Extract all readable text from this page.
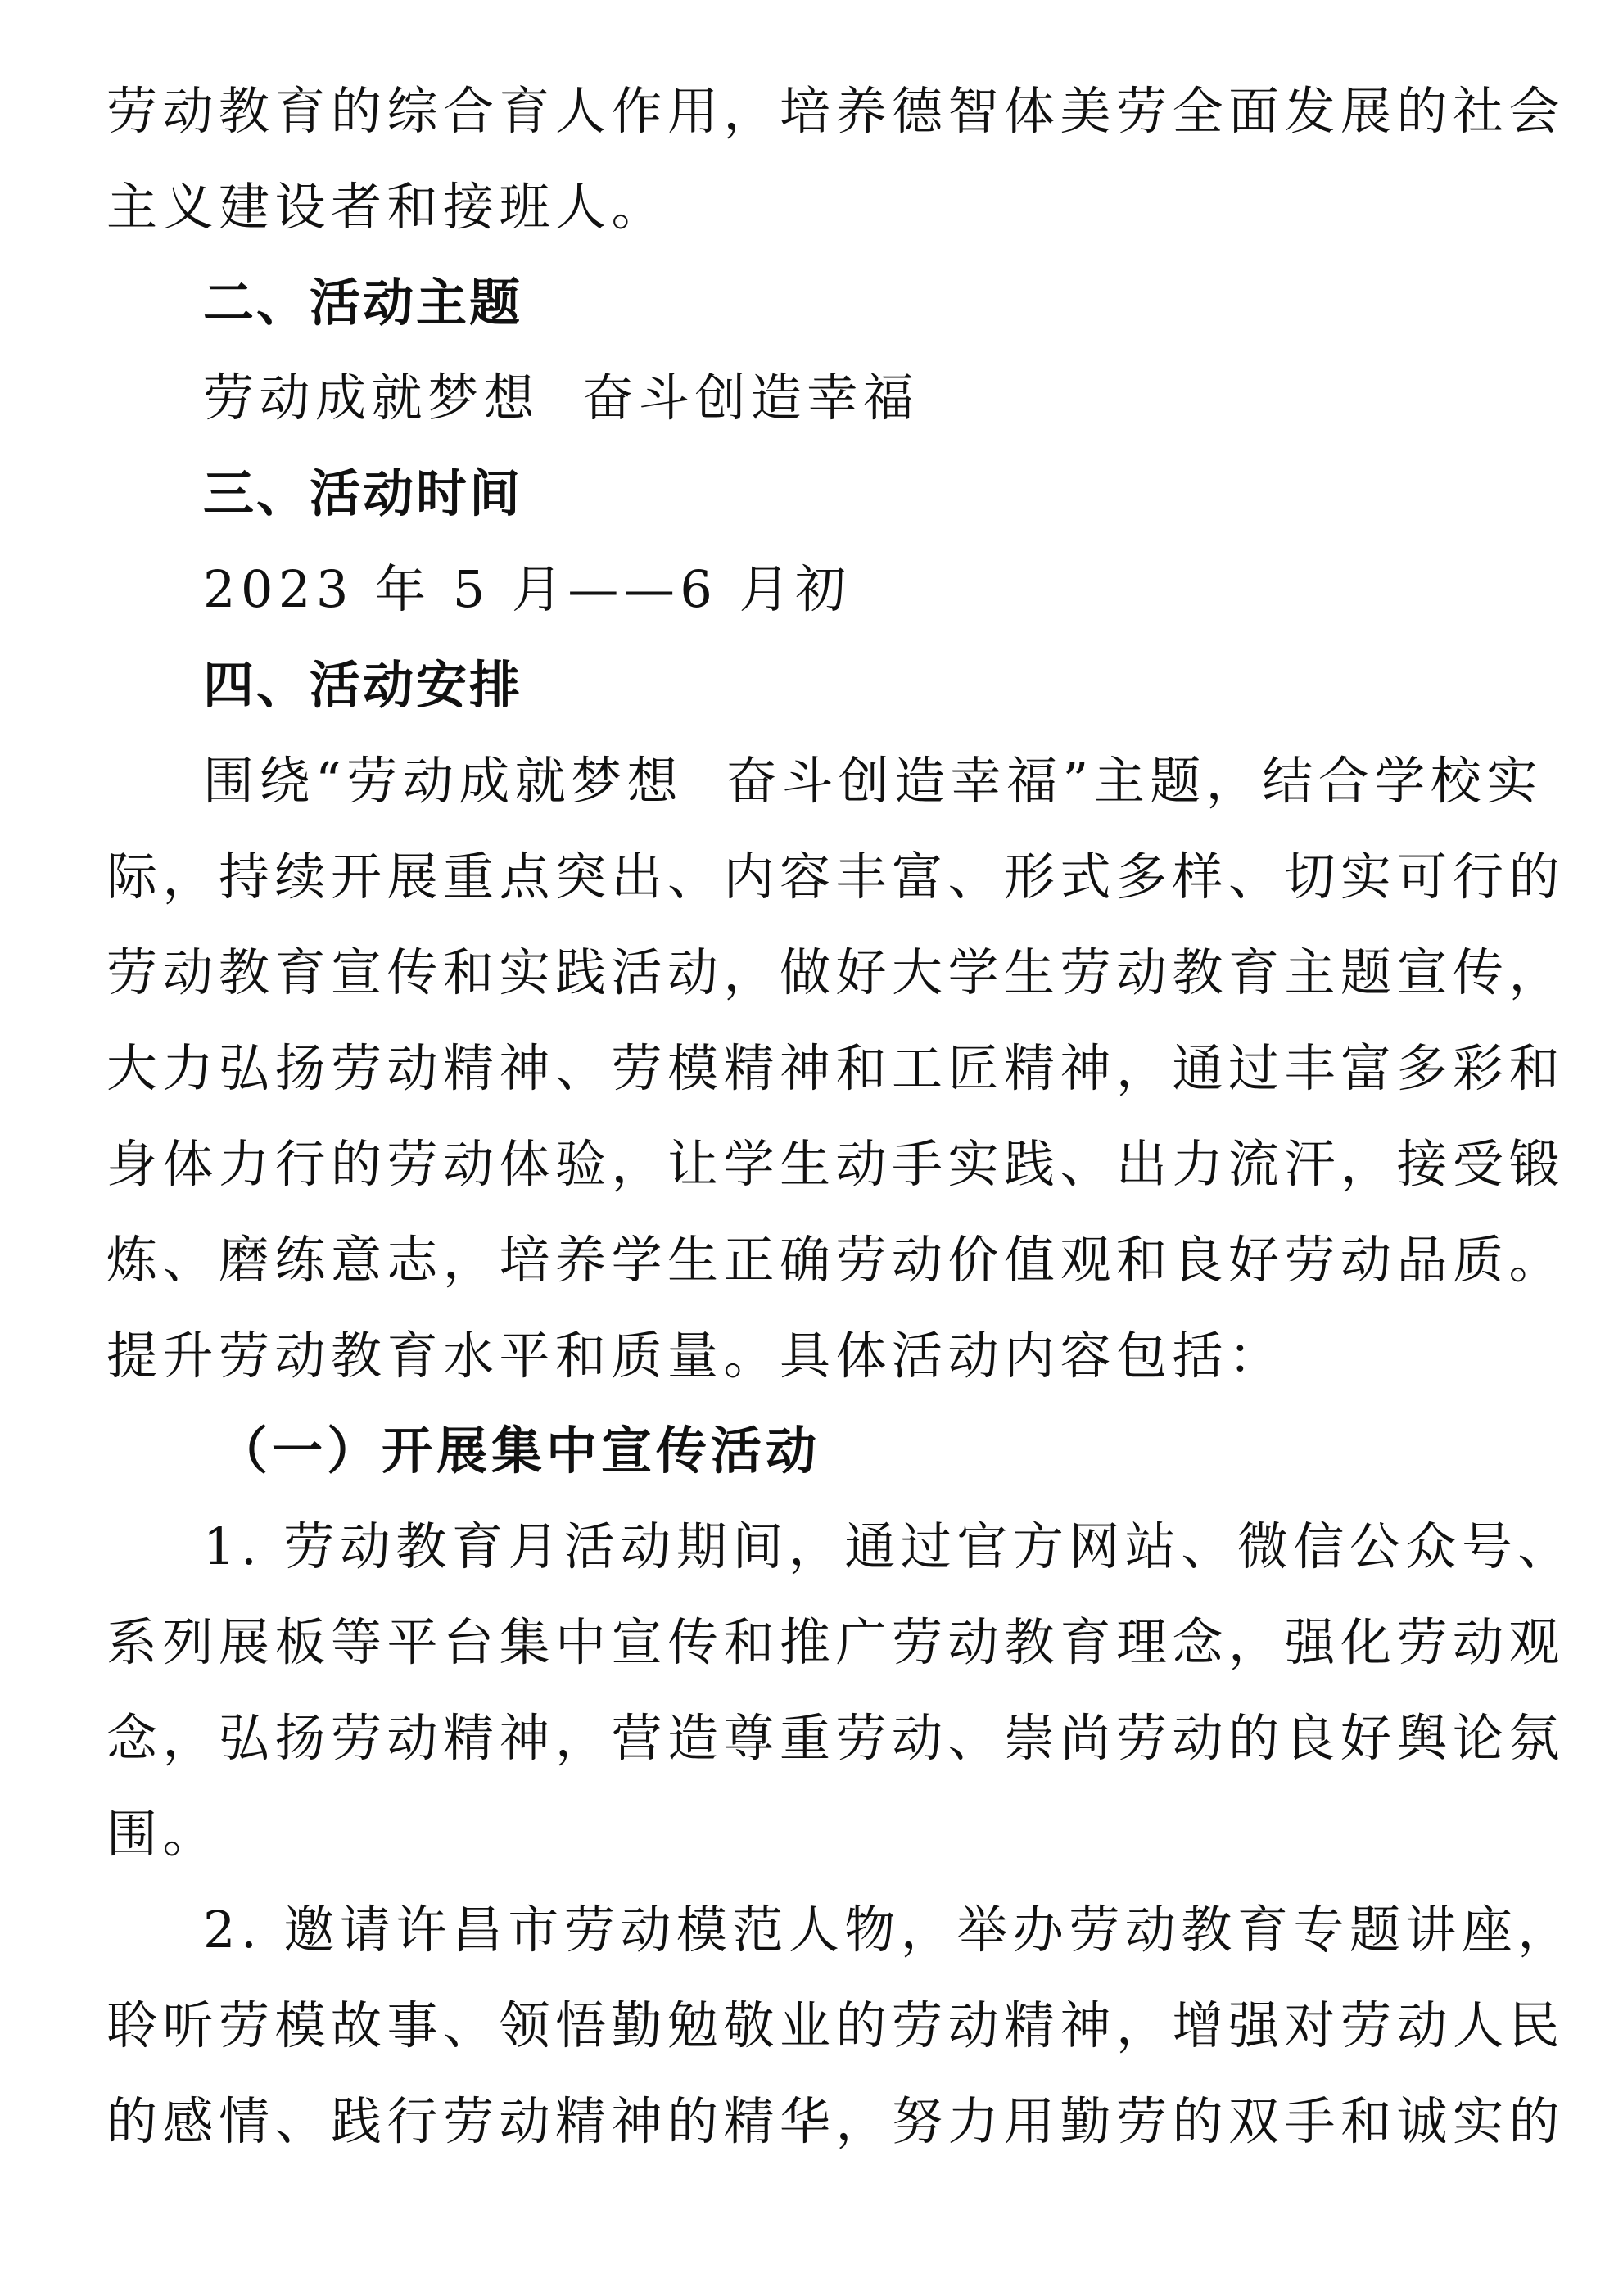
劳动教育的综合育人作用，培养德智体美劳全面发展的社会
主义建设者和接班人。
二、活动主题
劳动成就梦想  奋斗创造幸福
三、活动时间
2023 年 5 月——6 月初
四、活动安排
围绕“劳动成就梦想  奋斗创造幸福”主题，结合学校实
际，持续开展重点突出、内容丰富、形式多样、切实可行的
劳动教育宣传和实践活动，做好大学生劳动教育主题宣传，
大力弘扬劳动精神、劳模精神和工匠精神，通过丰富多彩和
身体力行的劳动体验，让学生动手实践、出力流汗，接受锻
炼、磨练意志，培养学生正确劳动价值观和良好劳动品质。
提升劳动教育水平和质量。具体活动内容包括：
（一）开展集中宣传活动
1. 劳动教育月活动期间，通过官方网站、微信公众号、
系列展板等平台集中宣传和推广劳动教育理念，强化劳动观
念，弘扬劳动精神，营造尊重劳动、崇尚劳动的良好舆论氛
围。
2. 邀请许昌市劳动模范人物，举办劳动教育专题讲座，
聆听劳模故事、领悟勤勉敬业的劳动精神，增强对劳动人民
的感情、践行劳动精神的精华，努力用勤劳的双手和诚实的
